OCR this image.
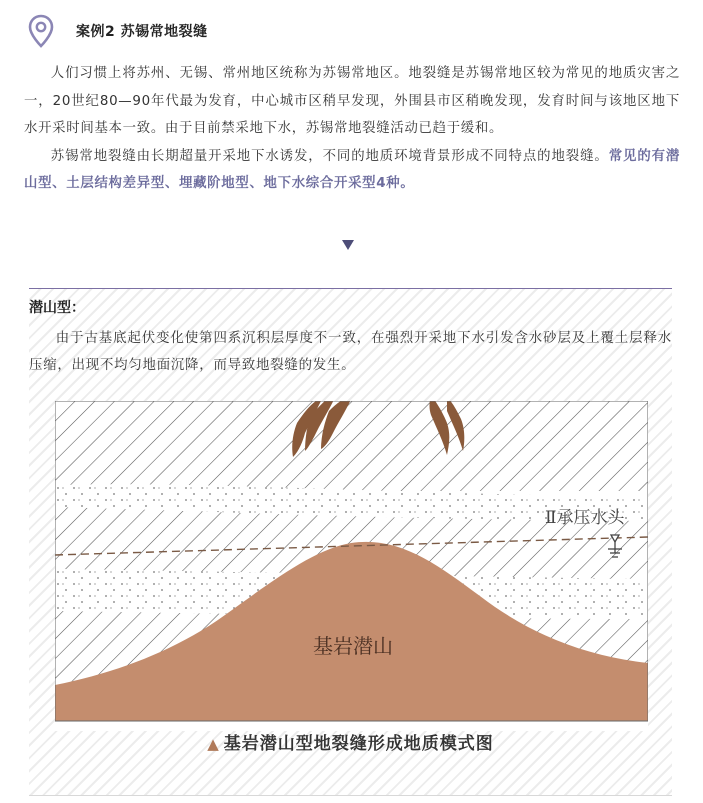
案例2 苏锡常地裂缝

人们习惯上将苏州、无锡、常州地区统称为苏锡常地区。地裂缝是苏锡常地区较为常见的地质灾害之一，20世纪80—90年代最为发育，中心城市区稍早发现，外围县市区稍晚发现，发育时间与该地区地下水开采时间基本一致。由于目前禁采地下水，苏锡常地裂缝活动已趋于缓和。

苏锡常地裂缝由长期超量开采地下水诱发，不同的地质环境背景形成不同特点的地裂缝。常见的有潜山型、土层结构差异型、埋藏阶地型、地下水综合开采型4种。

潜山型：

由于古基底起伏变化使第四系沉积层厚度不一致，在强烈开采地下水引发含水砂层及上覆土层释水压缩，出现不均匀地面沉降，而导致地裂缝的发生。

Ⅱ承压水头
基岩潜山
▲ 基岩潜山型地裂缝形成地质模式图
